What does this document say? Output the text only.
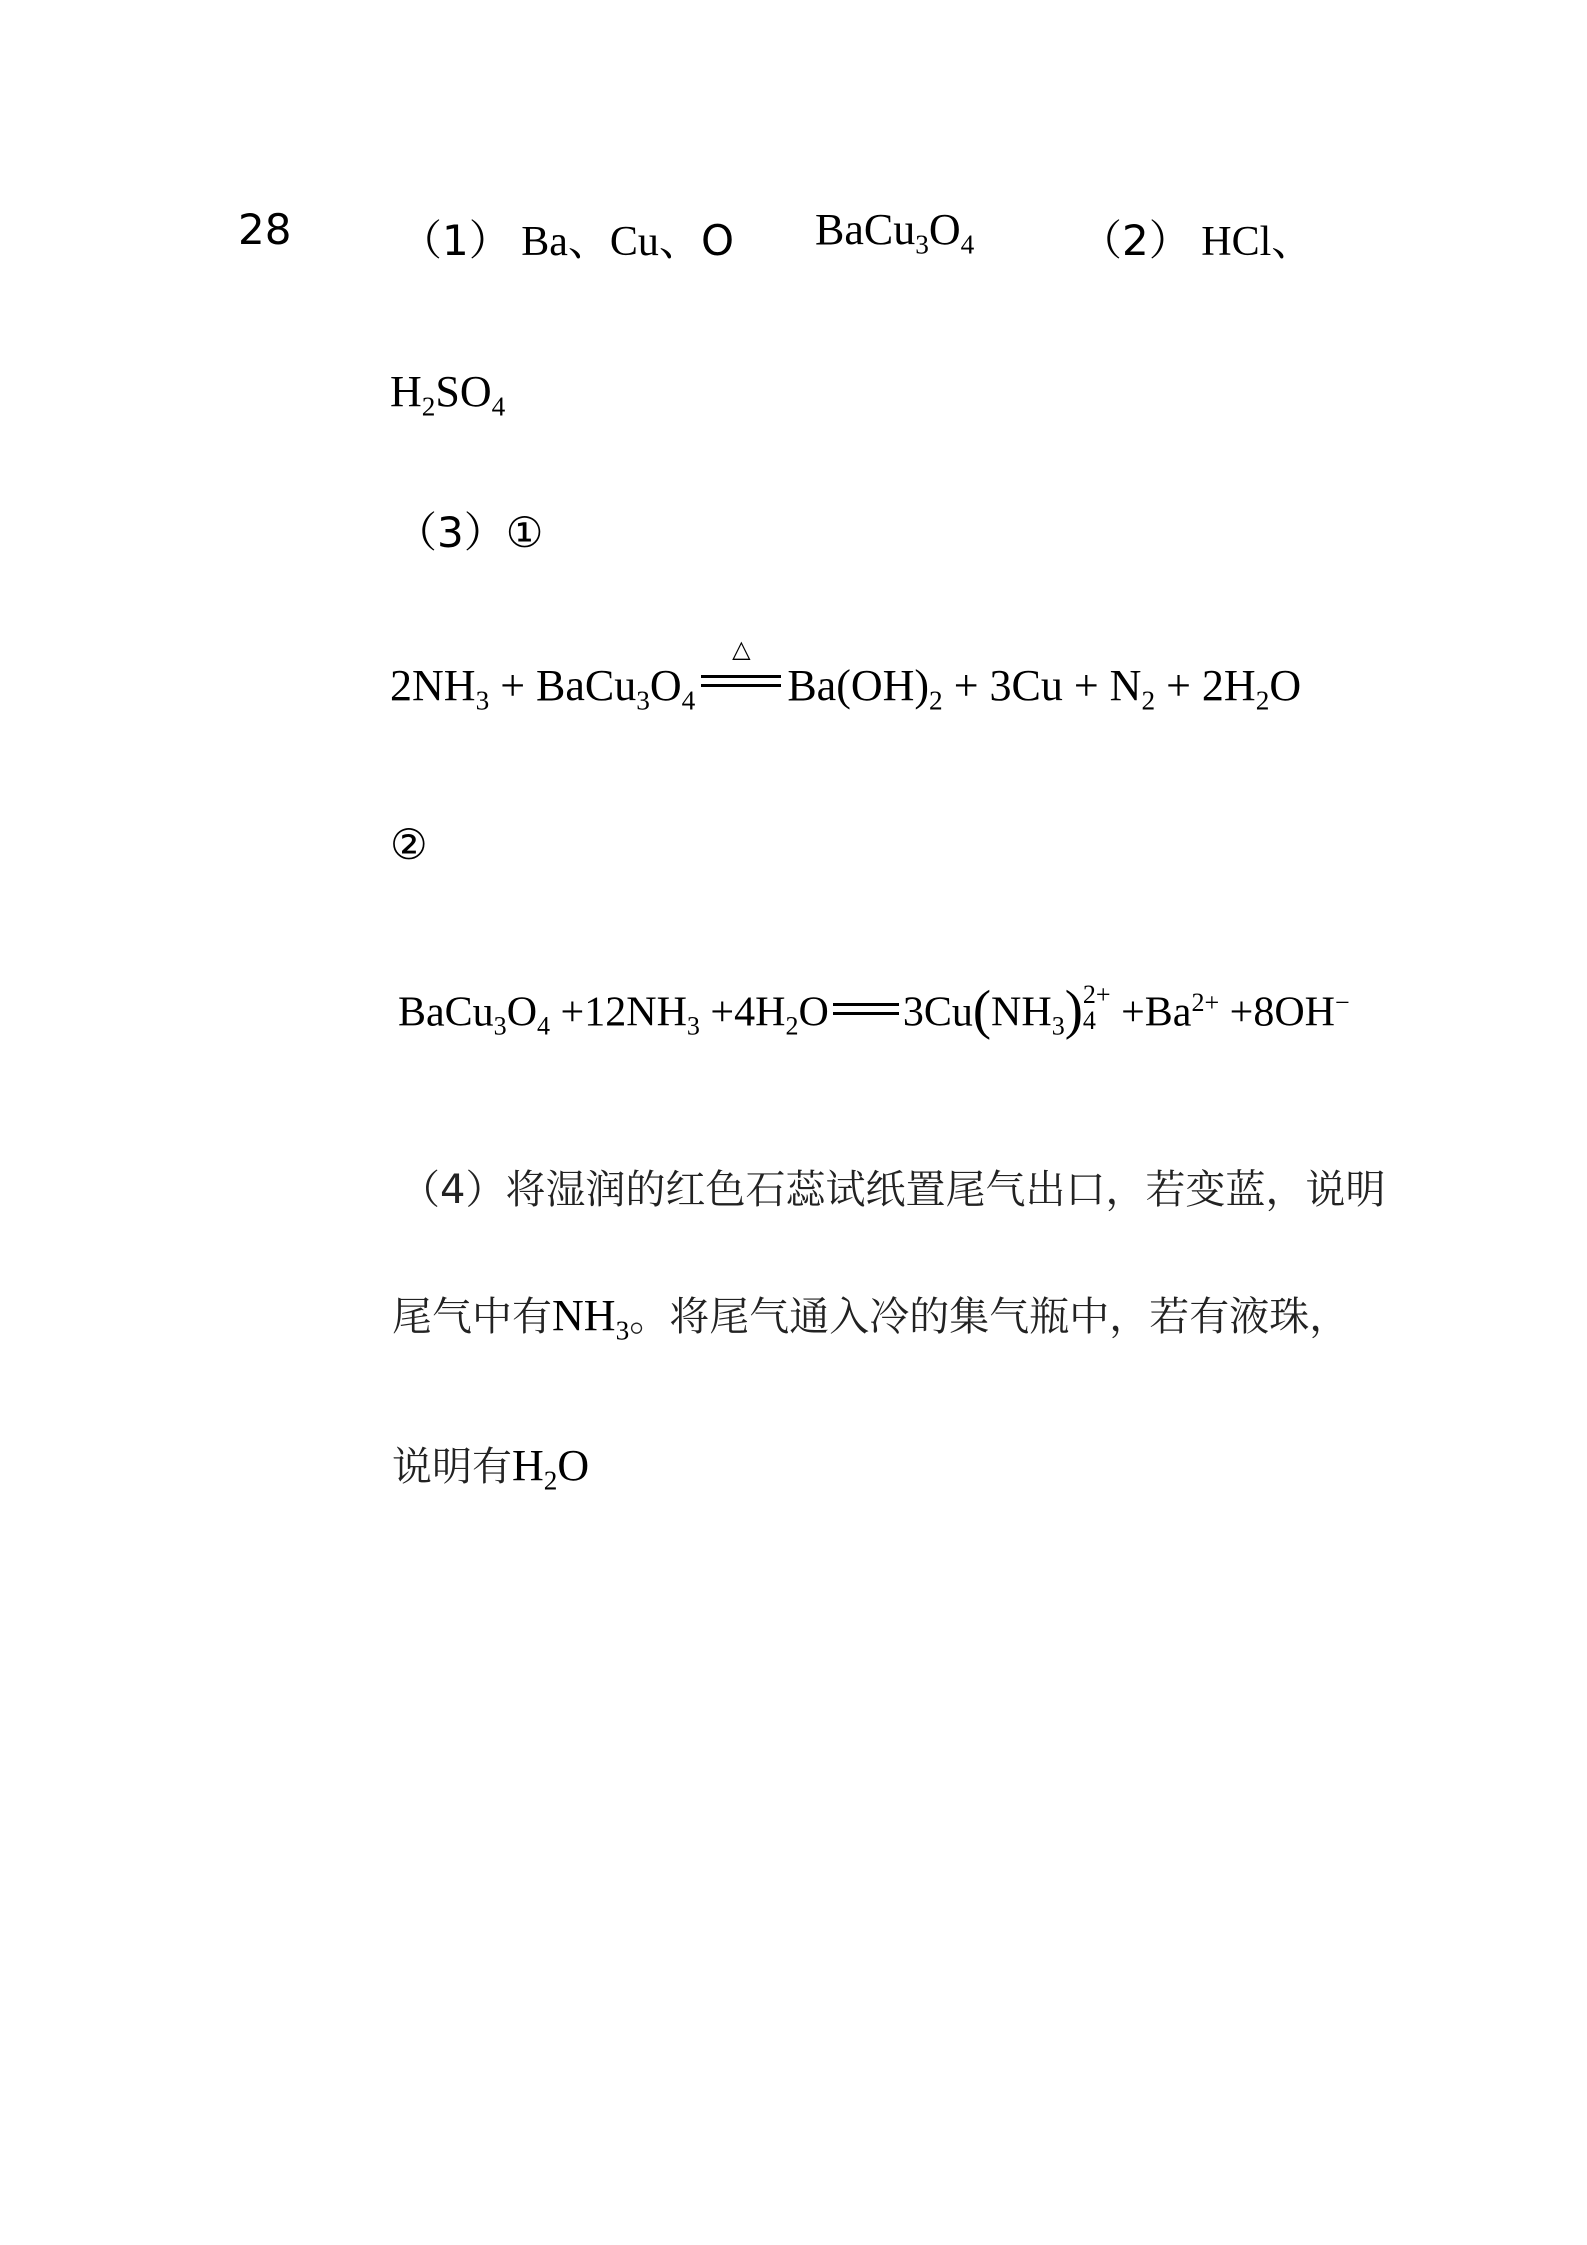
28	（1） Ba、Cu、O $BaCu_3O_4$	（2） HCl、
$H_2SO_4$
（3）①
$2NH_3$ + $BaCu_3O_4$
△
$Ba(OH)_2 + 3Cu + N_2 + 2H_2O$
②
$BaCu_3O_4 +12NH_3 +4H_2O$ $3Cu(NH_3)$ 2+
$4 +Ba^{2+} +8OH^-$
（4）将湿润的红色石蕊试纸置尾气出口，若变蓝，说明
尾气中有$NH_3$。将尾气通入冷的集气瓶中，若有液珠，
说明有$H_2O$
